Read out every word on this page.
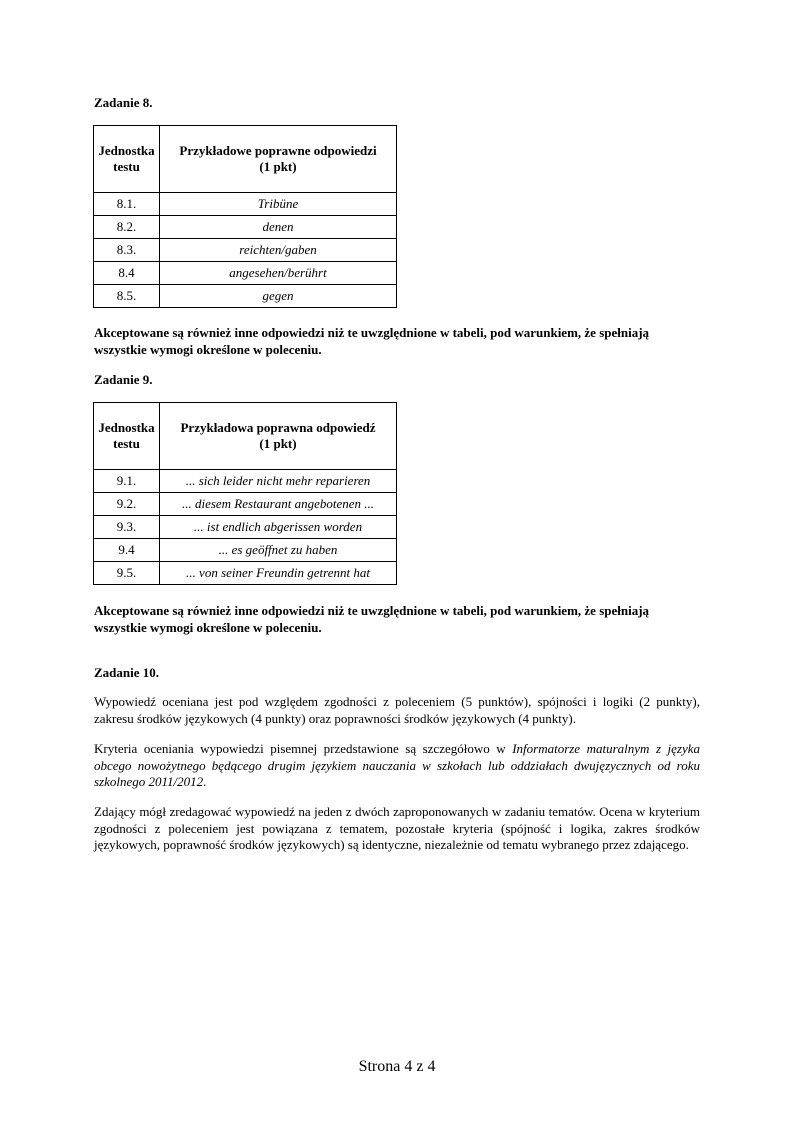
Zadanie 8.
Jednostka testu	Przykładowe poprawne odpowiedzi
(1 pkt)

8.1.	Tribüne
8.2.	denen
8.3.	reichten/gaben
8.4	angesehen/berührt
8.5.	gegen
Akceptowane są również inne odpowiedzi niż te uwzględnione w tabeli, pod warunkiem, że spełniają wszystkie wymogi określone w poleceniu.
Zadanie 9.
Jednostka testu	Przykładowa poprawna odpowiedź
(1 pkt)

9.1.	... sich leider nicht mehr reparieren
9.2.	... diesem Restaurant angebotenen ...
9.3.	... ist endlich abgerissen worden
9.4	... es geöffnet zu haben
9.5.	... von seiner Freundin getrennt hat
Akceptowane są również inne odpowiedzi niż te uwzględnione w tabeli, pod warunkiem, że spełniają wszystkie wymogi określone w poleceniu.
Zadanie 10.
Wypowiedź oceniana jest pod względem zgodności z poleceniem (5 punktów), spójności i logiki (2 punkty), zakresu środków językowych (4 punkty) oraz poprawności środków językowych (4 punkty).
Kryteria oceniania wypowiedzi pisemnej przedstawione są szczegółowo w Informatorze maturalnym z języka obcego nowożytnego będącego drugim językiem nauczania w szkołach lub oddziałach dwujęzycznych od roku szkolnego 2011/2012.
Zdający mógł zredagować wypowiedź na jeden z dwóch zaproponowanych w zadaniu tematów. Ocena w kryterium zgodności z poleceniem jest powiązana z tematem, pozostałe kryteria (spójność i logika, zakres środków językowych, poprawność środków językowych) są identyczne, niezależnie od tematu wybranego przez zdającego.
Strona 4 z 4
